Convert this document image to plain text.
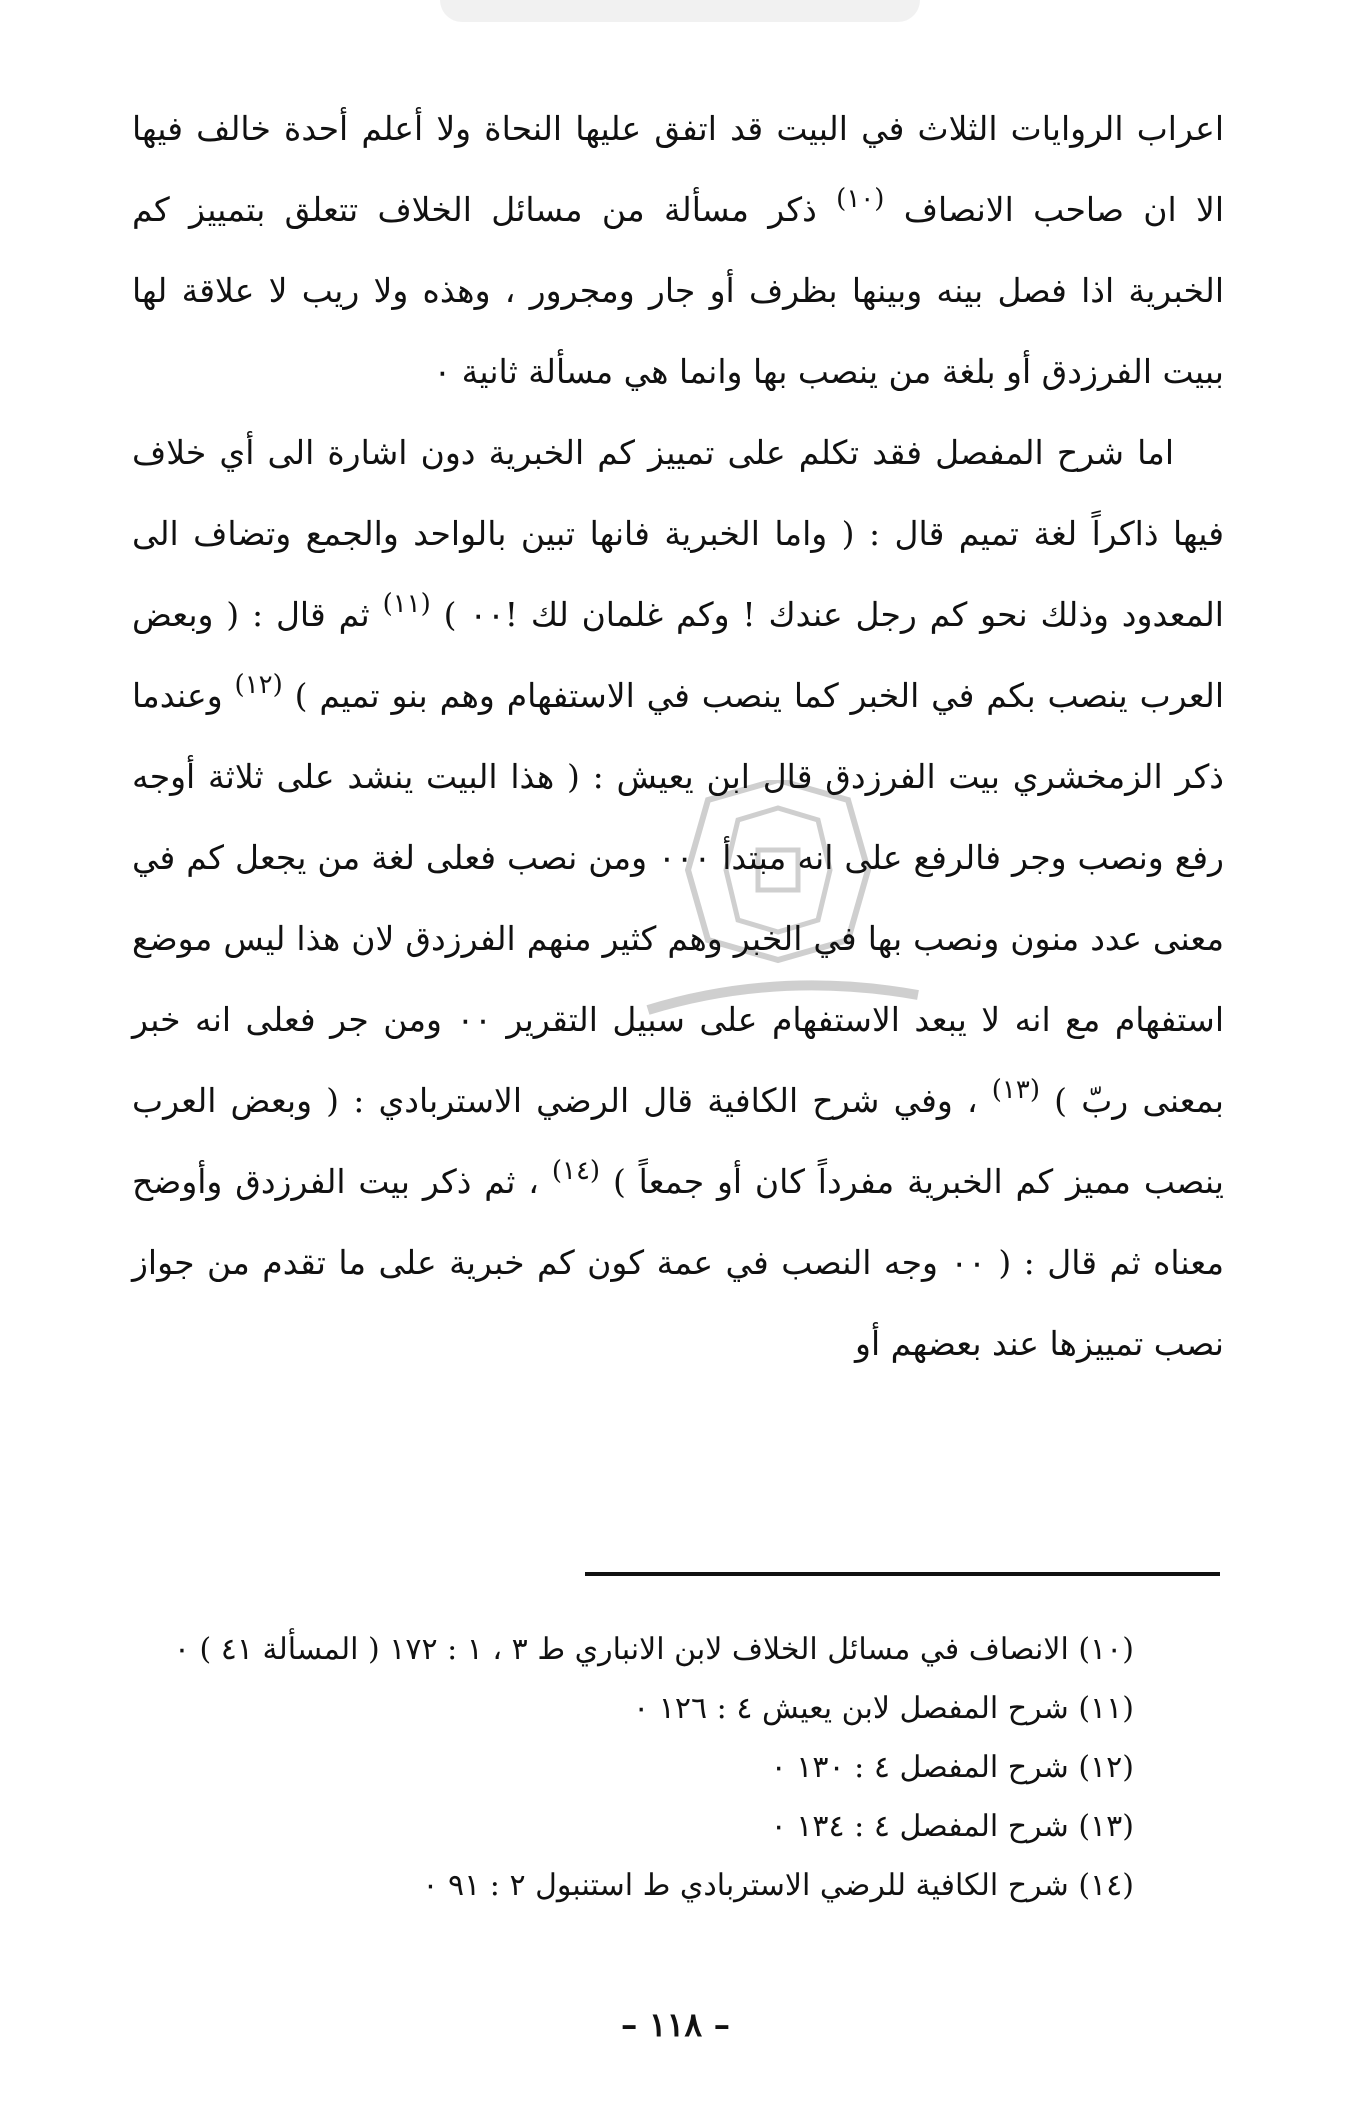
اعراب الروايات الثلاث في البيت قد اتفق عليها النحاة ولا أعلم أحدة خالف فيها الا ان صاحب الانصاف $^{(١٠)}$ ذكر مسألة من مسائل الخلاف تتعلق بتمييز كم الخبرية اذا فصل بينه وبينها بظرف أو جار ومجرور ، وهذه ولا ريب لا علاقة لها ببيت الفرزدق أو بلغة من ينصب بها وانما هي مسألة ثانية ٠

اما شرح المفصل فقد تكلم على تمييز كم الخبرية دون اشارة الى أي خلاف فيها ذاكراً لغة تميم قال : ( واما الخبرية فانها تبين بالواحد والجمع وتضاف الى المعدود وذلك نحو كم رجل عندك ! وكم غلمان لك !٠٠ ) $^{(١١)}$ ثم قال : ( وبعض العرب ينصب بكم في الخبر كما ينصب في الاستفهام وهم بنو تميم ) $^{(١٢)}$ وعندما ذكر الزمخشري بيت الفرزدق قال ابن يعيش : ( هذا البيت ينشد على ثلاثة أوجه رفع ونصب وجر فالرفع على انه مبتدأ ٠٠٠ ومن نصب فعلى لغة من يجعل كم في معنى عدد منون ونصب بها في الخبر وهم كثير منهم الفرزدق لان هذا ليس موضع استفهام مع انه لا يبعد الاستفهام على سبيل التقرير ٠٠ ومن جر فعلى انه خبر بمعنى ربّ ) $^{(١٣)}$ ، وفي شرح الكافية قال الرضي الاستربادي : ( وبعض العرب ينصب مميز كم الخبرية مفرداً كان أو جمعاً ) $^{(١٤)}$ ، ثم ذكر بيت الفرزدق وأوضح معناه ثم قال : ( ٠٠ وجه النصب في عمة كون كم خبرية على ما تقدم من جواز نصب تمييزها عند بعضهم أو

(١٠) الانصاف في مسائل الخلاف لابن الانباري ط ٣ ، ١ : ١٧٢ ( المسألة ٤١ ) ٠

(١١) شرح المفصل لابن يعيش ٤ : ١٢٦ ٠

(١٢) شرح المفصل ٤ : ١٣٠ ٠

(١٣) شرح المفصل ٤ : ١٣٤ ٠

(١٤) شرح الكافية للرضي الاستربادي ط استنبول ٢ : ٩١ ٠

– ١١٨ –
